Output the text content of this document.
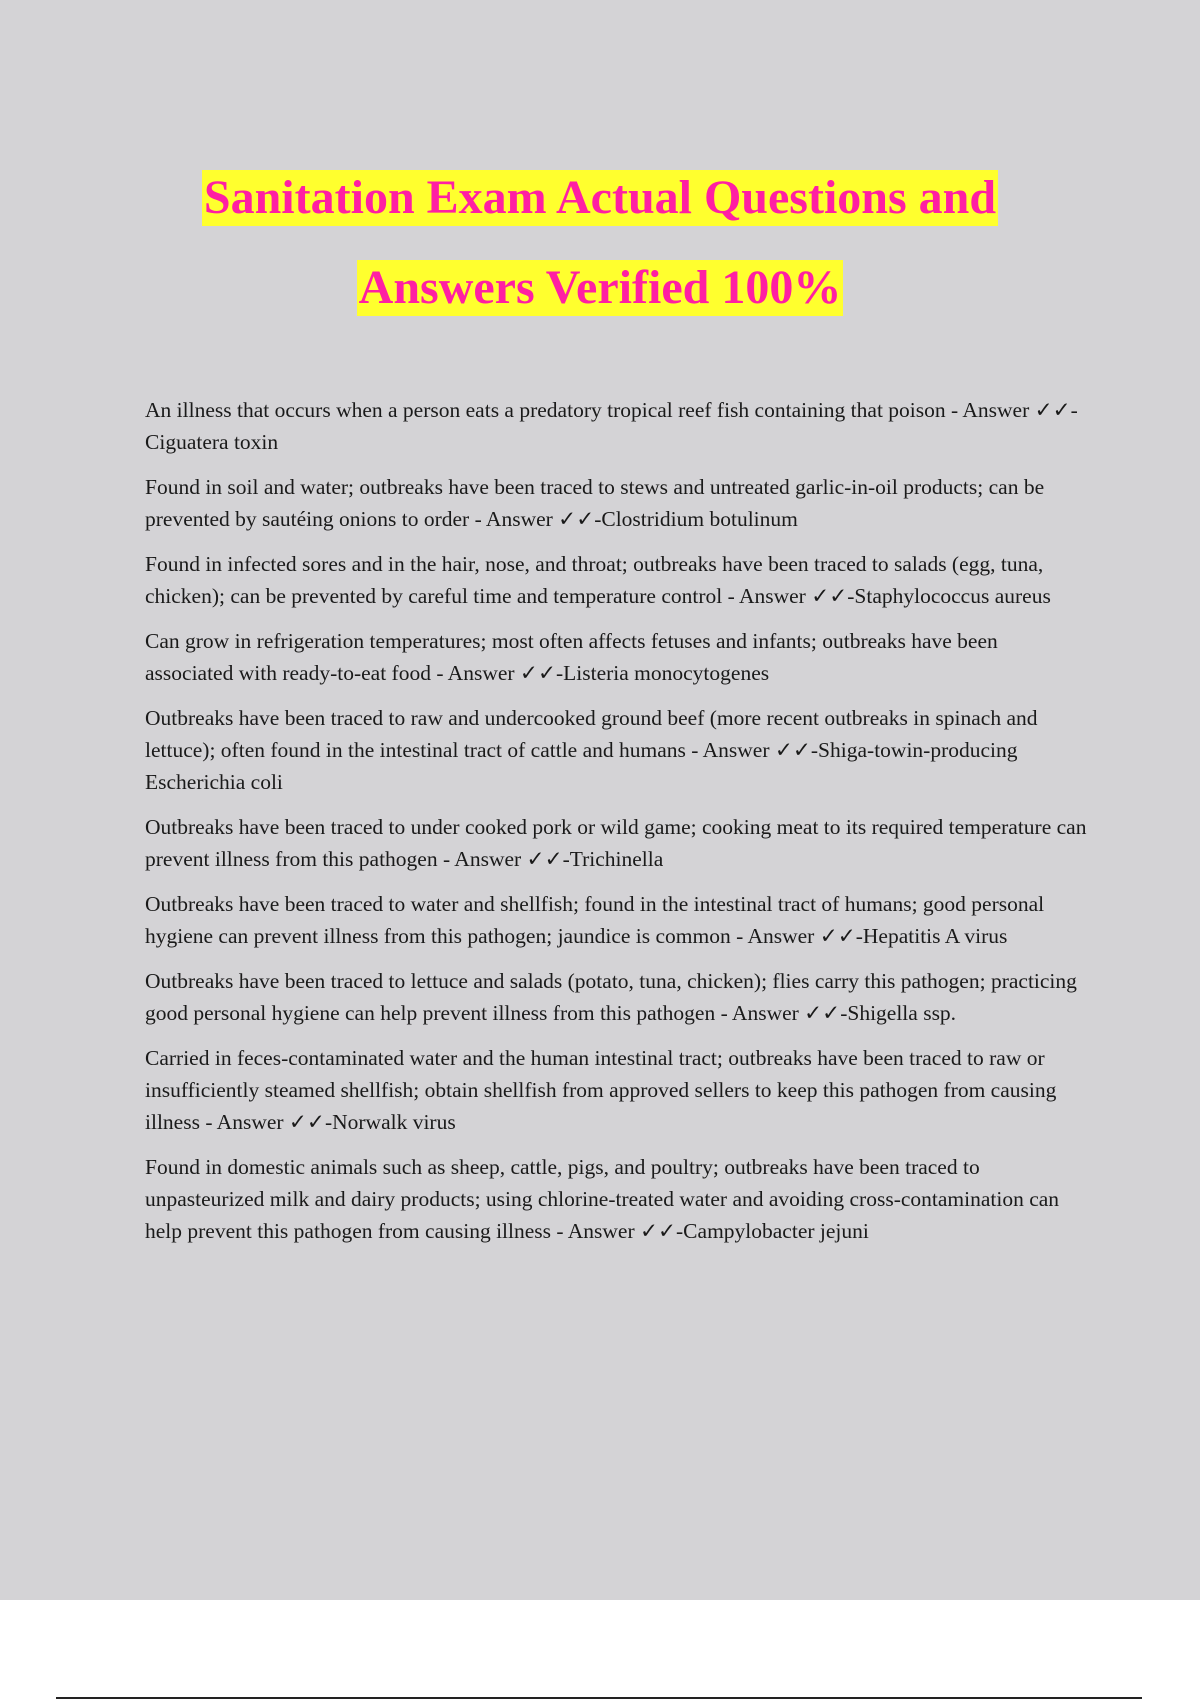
Sanitation Exam Actual Questions and
Answers Verified 100%

An illness that occurs when a person eats a predatory tropical reef fish containing that poison - Answer ✓✓-Ciguatera toxin

Found in soil and water; outbreaks have been traced to stews and untreated garlic-in-oil products; can be prevented by sautéing onions to order - Answer ✓✓-Clostridium botulinum

Found in infected sores and in the hair, nose, and throat; outbreaks have been traced to salads (egg, tuna, chicken); can be prevented by careful time and temperature control - Answer ✓✓-Staphylococcus aureus

Can grow in refrigeration temperatures; most often affects fetuses and infants; outbreaks have been associated with ready-to-eat food - Answer ✓✓-Listeria monocytogenes

Outbreaks have been traced to raw and undercooked ground beef (more recent outbreaks in spinach and lettuce); often found in the intestinal tract of cattle and humans - Answer ✓✓-Shiga-towin-producing Escherichia coli

Outbreaks have been traced to under cooked pork or wild game; cooking meat to its required temperature can prevent illness from this pathogen - Answer ✓✓-Trichinella

Outbreaks have been traced to water and shellfish; found in the intestinal tract of humans; good personal hygiene can prevent illness from this pathogen; jaundice is common - Answer ✓✓-Hepatitis A virus

Outbreaks have been traced to lettuce and salads (potato, tuna, chicken); flies carry this pathogen; practicing good personal hygiene can help prevent illness from this pathogen - Answer ✓✓-Shigella ssp.

Carried in feces-contaminated water and the human intestinal tract; outbreaks have been traced to raw or insufficiently steamed shellfish; obtain shellfish from approved sellers to keep this pathogen from causing illness - Answer ✓✓-Norwalk virus

Found in domestic animals such as sheep, cattle, pigs, and poultry; outbreaks have been traced to unpasteurized milk and dairy products; using chlorine-treated water and avoiding cross-contamination can help prevent this pathogen from causing illness - Answer ✓✓-Campylobacter jejuni
